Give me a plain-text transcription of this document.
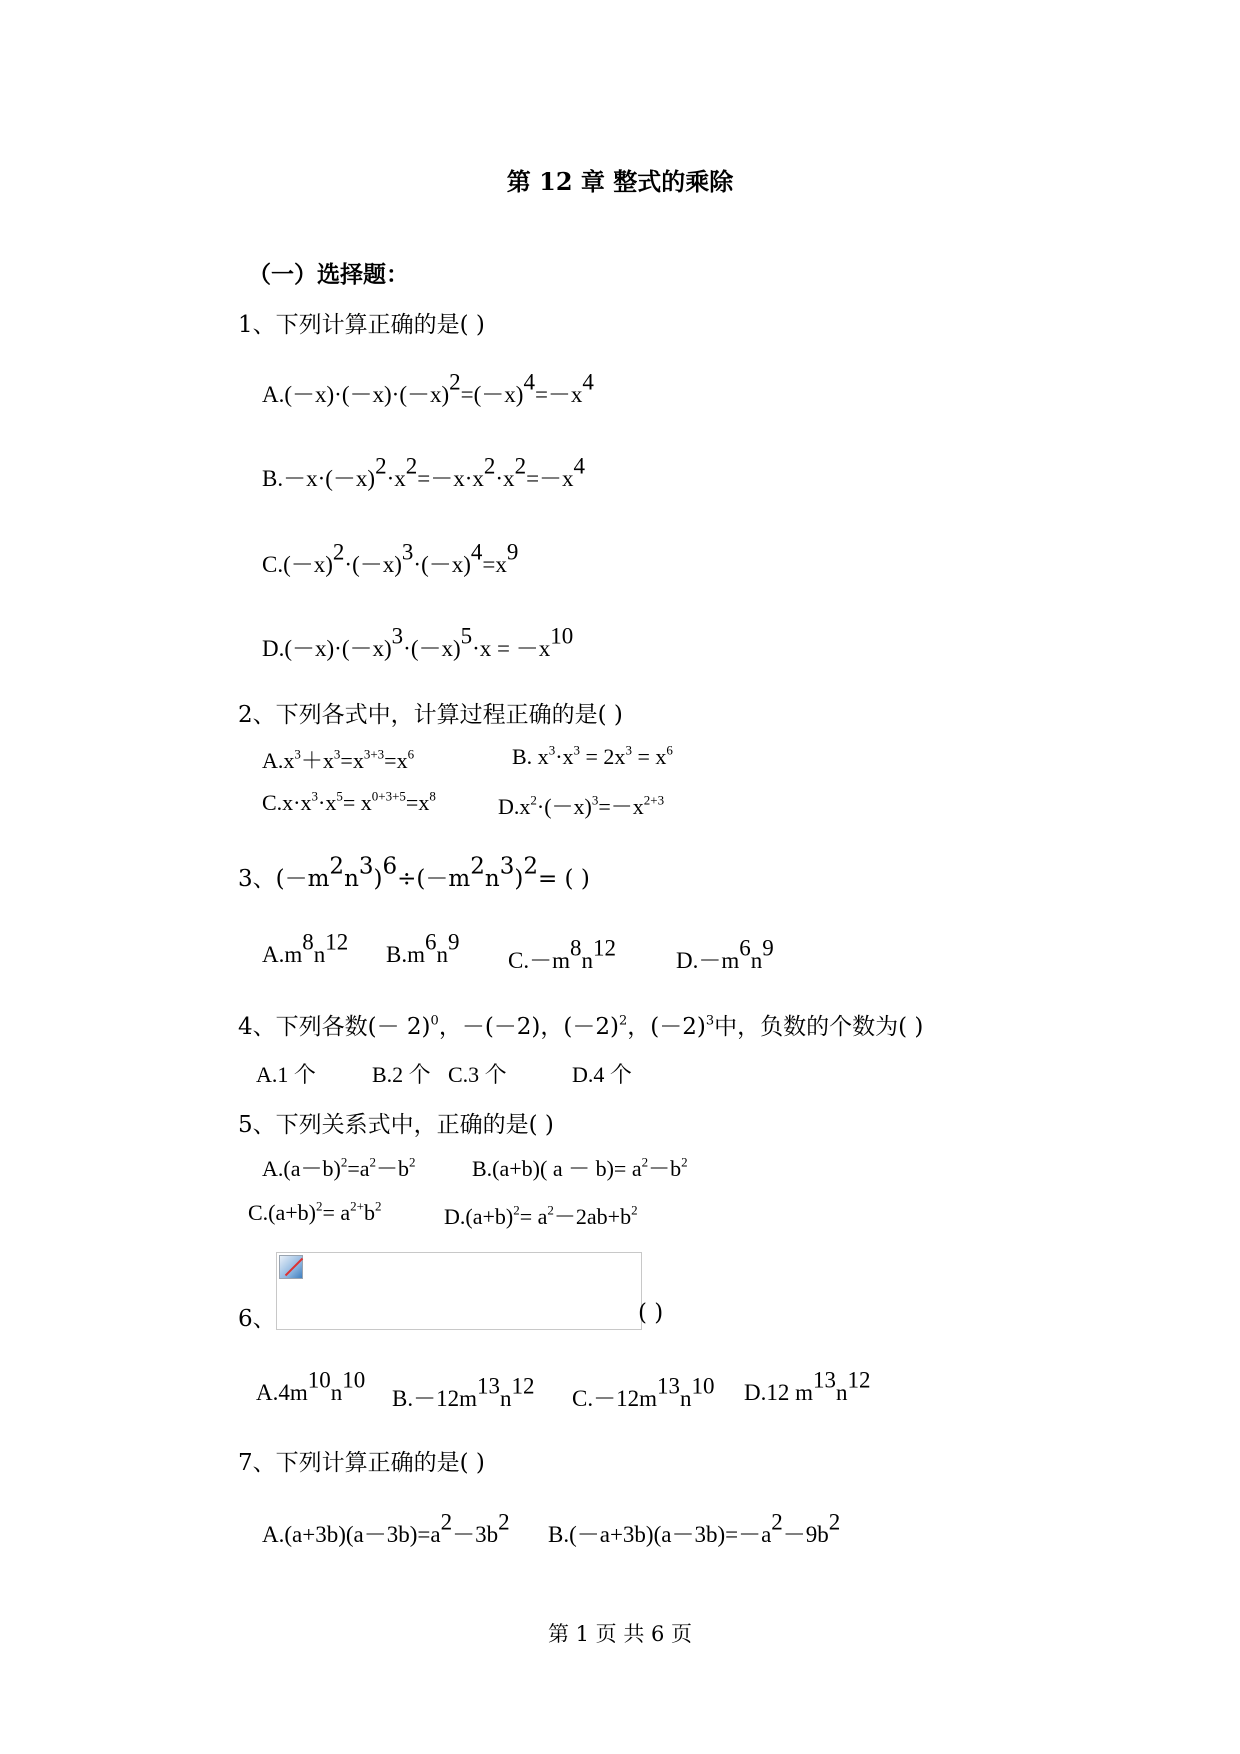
第 12 章 整式的乘除
（一）选择题：
1、下列计算正确的是( )
A.(－x)·(－x)·(－x)2=(－x)4=－x4
B.－x·(－x)2·x2=－x·x2·x2=－x4
C.(－x)2·(－x)3·(－x)4=x9
D.(－x)·(－x)3·(－x)5·x = －x10
2、下列各式中，计算过程正确的是( )
$A.x^3+x^3=x^{3+3}=x^6$	B. $x^3\cdot x^3 = 2x^3 = x^6$
$C.x\cdot x^3\cdot x^5= x^{0+3+5}=x^8$	$D.x^2\cdot(-x)^3=-x^{2+3}$
3、(－m2n3)6÷(－m2n3)2= ( )
A.m8n12
B.m6n9
C.－m8n12
D.－m6n9
4、下列各数(－ 2)$^0$，－(－2)，$(-2)^2$，$(-2)^3$中，负数的个数为( )
A.1 个	B.2 个 C.3 个	D.4 个
5、下列关系式中，正确的是( )
$A.(a-b)^2=a^2-b^2$	B.(a+b)( $a - b)= a^2-b^2$
$C.(a+b)^2= a^{2+}b^2$	$D.(a+b)^2= a^2-2ab+b^2$
6、	( )
A.4m10n10
B.－12m13n12
C.－12m13n10 D.12 m13n12
7、下列计算正确的是( )
A.(a+3b)(a－3b)=a2－3b2
B.(－a+3b)(a－3b)=－a2－9b2
第 1 页 共 6 页
